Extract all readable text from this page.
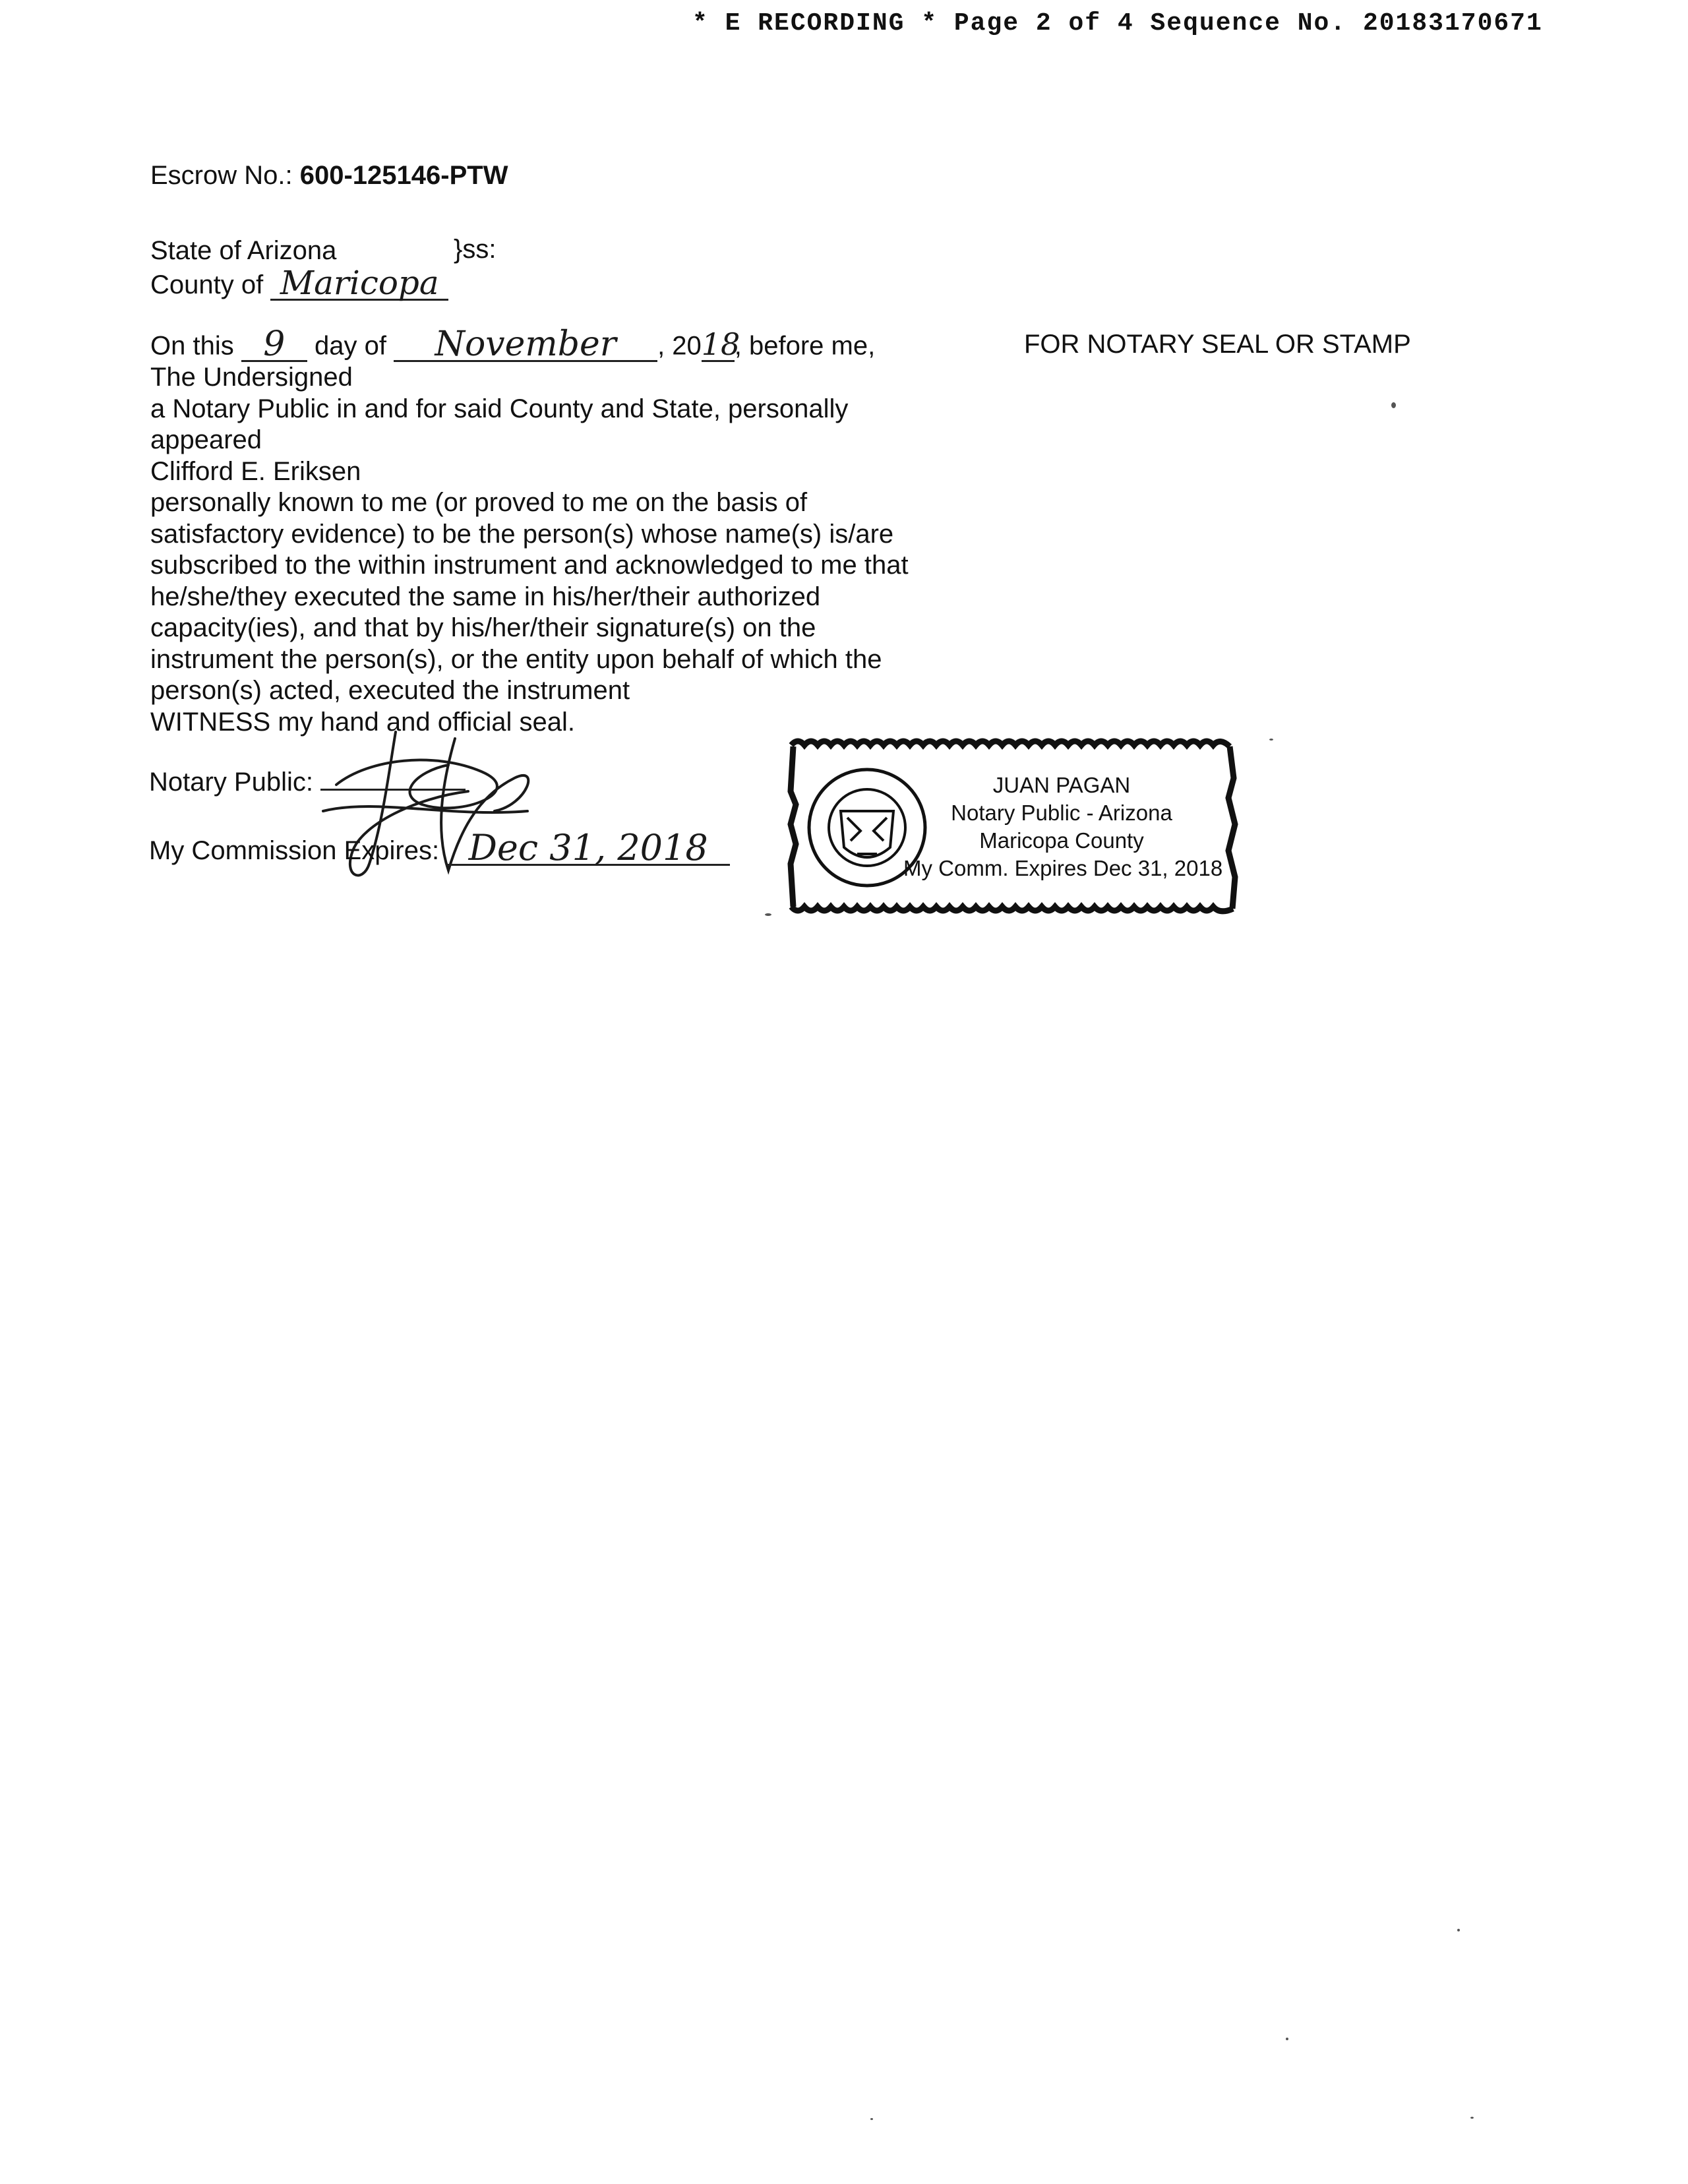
* E RECORDING * Page 2 of 4 Sequence No. 20183170671
Escrow No.: 600-125146-PTW
State of Arizona	}ss:
County of Maricopa
FOR NOTARY SEAL OR STAMP
On this 9 day of November , 2018, before me,
The Undersigned
a Notary Public in and for said County and State, personally
appeared
Clifford E. Eriksen
personally known to me (or proved to me on the basis of
satisfactory evidence) to be the person(s) whose name(s) is/are
subscribed to the within instrument and acknowledged to me that
he/she/they executed the same in his/her/their authorized
capacity(ies), and that by his/her/their signature(s) on the
instrument the person(s), or the entity upon behalf of which the
person(s) acted, executed the instrument
WITNESS my hand and official seal.
Notary Public:
My Commission Expires: Dec 31, 2018
JUAN PAGAN
Notary Public - Arizona
Maricopa County
My Comm. Expires Dec 31, 2018
